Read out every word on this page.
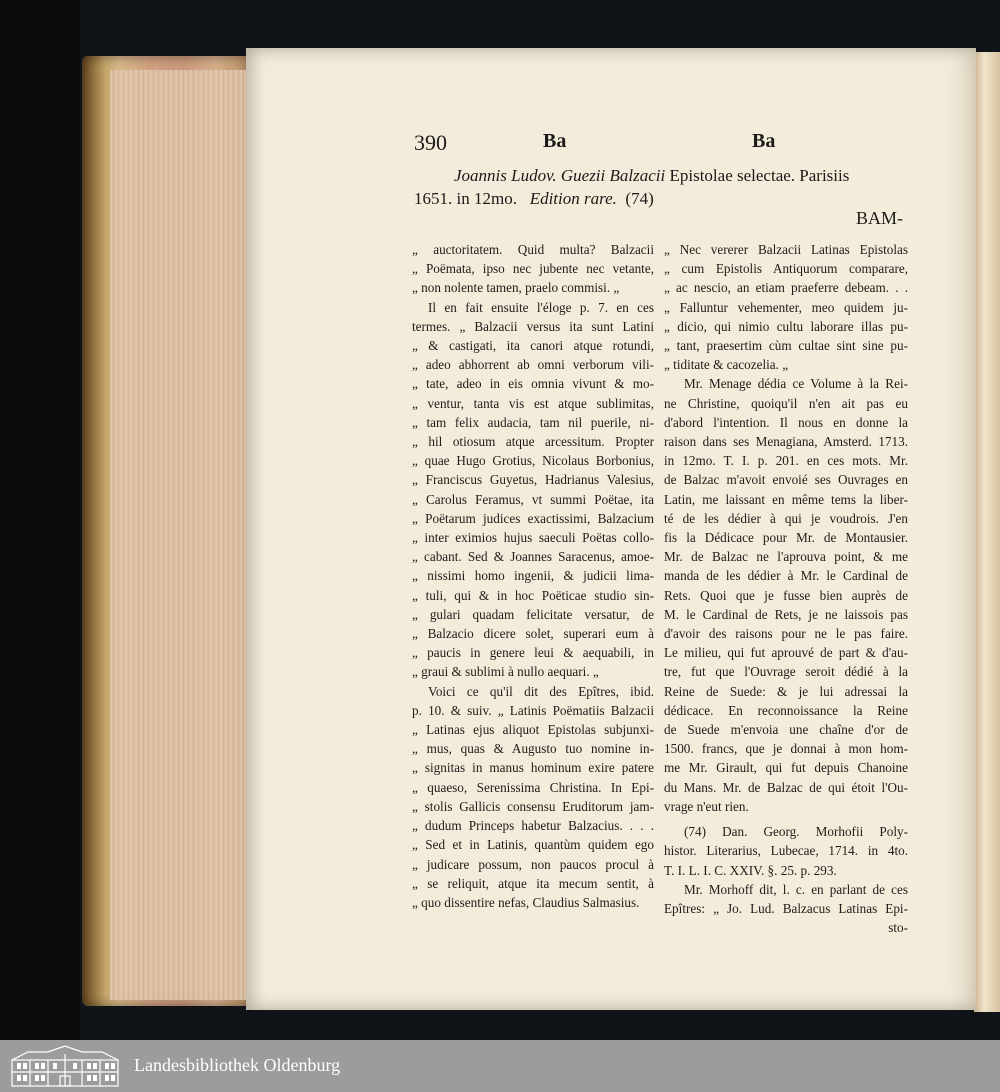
390	Ba	Ba
Joannis Ludov. Guezii Balzacii Epistolae selectae. Parisiis
1651. in 12mo. Edition rare. (74)
BAM-
„ auctoritatem. Quid multa? Balzacii
„ Poëmata, ipso nec jubente nec vetante,
„ non nolente tamen, praelo commisi. „
Il en fait ensuite l'éloge p. 7. en ces
termes. „ Balzacii versus ita sunt Latini
„ & castigati, ita canori atque rotundi,
„ adeo abhorrent ab omni verborum vili-
„ tate, adeo in eis omnia vivunt & mo-
„ ventur, tanta vis est atque sublimitas,
„ tam felix audacia, tam nil puerile, ni-
„ hil otiosum atque arcessitum. Propter
„ quae Hugo Grotius, Nicolaus Borbonius,
„ Franciscus Guyetus, Hadrianus Valesius,
„ Carolus Feramus, vt summi Poëtae, ita
„ Poëtarum judices exactissimi, Balzacium
„ inter eximios hujus saeculi Poëtas collo-
„ cabant. Sed & Joannes Saracenus, amoe-
„ nissimi homo ingenii, & judicii lima-
„ tuli, qui & in hoc Poëticae studio sin-
„ gulari quadam felicitate versatur, de
„ Balzacio dicere solet, superari eum à
„ paucis in genere leui & aequabili, in
„ graui & sublimi à nullo aequari. „
Voici ce qu'il dit des Epîtres, ibid.
p. 10. & suiv. „ Latinis Poëmatiis Balzacii
„ Latinas ejus aliquot Epistolas subjunxi-
„ mus, quas & Augusto tuo nomine in-
„ signitas in manus hominum exire patere
„ quaeso, Serenissima Christina. In Epi-
„ stolis Gallicis consensu Eruditorum jam-
„ dudum Princeps habetur Balzacius. . . .
„ Sed et in Latinis, quantùm quidem ego
„ judicare possum, non paucos procul à
„ se reliquit, atque ita mecum sentit, à
„ quo dissentire nefas, Claudius Salmasius.
„ Nec vererer Balzacii Latinas Epistolas
„ cum Epistolis Antiquorum comparare,
„ ac nescio, an etiam praeferre debeam. . .
„ Falluntur vehementer, meo quidem ju-
„ dicio, qui nimio cultu laborare illas pu-
„ tant, praesertim cùm cultae sint sine pu-
„ tiditate & cacozelia. „
Mr. Menage dédia ce Volume à la Rei-
ne Christine, quoiqu'il n'en ait pas eu
d'abord l'intention. Il nous en donne la
raison dans ses Menagiana, Amsterd. 1713.
in 12mo. T. I. p. 201. en ces mots. Mr.
de Balzac m'avoit envoié ses Ouvrages en
Latin, me laissant en même tems la liber-
té de les dédier à qui je voudrois. J'en
fis la Dédicace pour Mr. de Montausier.
Mr. de Balzac ne l'aprouva point, & me
manda de les dédier à Mr. le Cardinal de
Rets. Quoi que je fusse bien auprès de
M. le Cardinal de Rets, je ne laissois pas
d'avoir des raisons pour ne le pas faire.
Le milieu, qui fut aprouvé de part & d'au-
tre, fut que l'Ouvrage seroit dédié à la
Reine de Suede: & je lui adressai la
dédicace. En reconnoissance la Reine
de Suede m'envoia une chaîne d'or de
1500. francs, que je donnai à mon hom-
me Mr. Girault, qui fut depuis Chanoine
du Mans. Mr. de Balzac de qui étoit l'Ou-
vrage n'eut rien.
(74) Dan. Georg. Morhofii Poly-
histor. Literarius, Lubecae, 1714. in 4to.
T. I. L. I. C. XXIV. §. 25. p. 293.
Mr. Morhoff dit, l. c. en parlant de ces
Epîtres: „ Jo. Lud. Balzacus Latinas Epi-
sto-
Landesbibliothek Oldenburg
